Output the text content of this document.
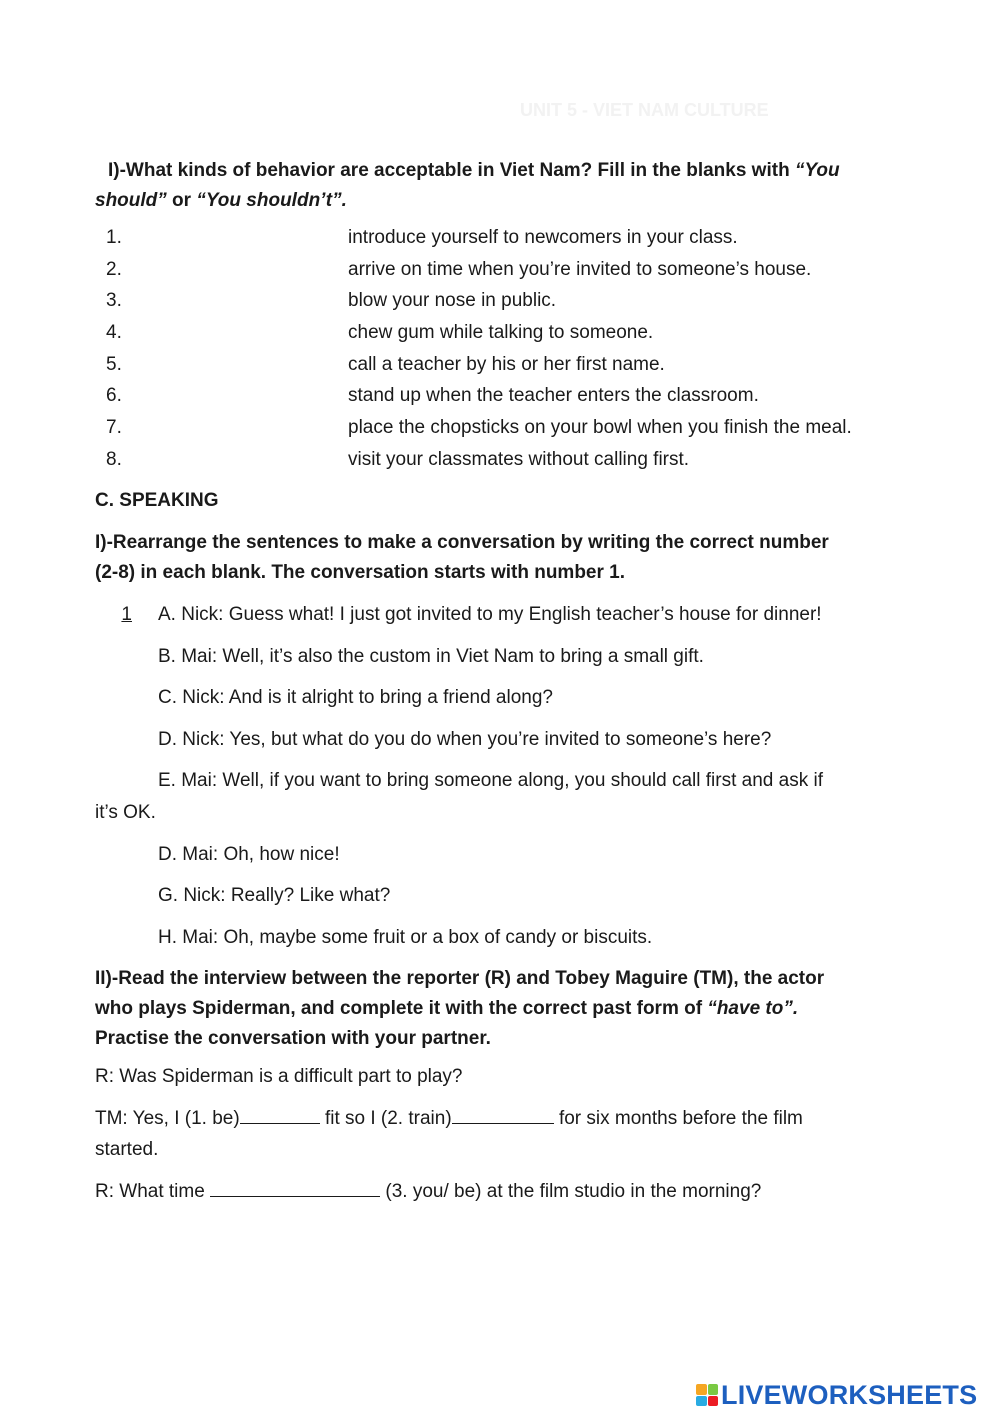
UNIT 5 - VIET NAM CULTURE
I)-What kinds of behavior are acceptable in Viet Nam? Fill in the blanks with “You
should” or “You shouldn’t”.
1.	introduce yourself to newcomers in your class.
2.	arrive on time when you’re invited to someone’s house.
3.	blow your nose in public.
4.	chew gum while talking to someone.
5.	call a teacher by his or her first name.
6.	stand up when the teacher enters the classroom.
7.	place the chopsticks on your bowl when you finish the meal.
8.	visit your classmates without calling first.
C. SPEAKING
I)-Rearrange the sentences to make a conversation by writing the correct number
(2-8) in each blank. The conversation starts with number 1.
1 A. Nick: Guess what! I just got invited to my English teacher’s house for dinner!
B. Mai: Well, it’s also the custom in Viet Nam to bring a small gift.
C. Nick: And is it alright to bring a friend along?
D. Nick: Yes, but what do you do when you’re invited to someone’s here?
E. Mai: Well, if you want to bring someone along, you should call first and ask if
it’s OK.
D. Mai: Oh, how nice!
G. Nick: Really? Like what?
H. Mai: Oh, maybe some fruit or a box of candy or biscuits.
II)-Read the interview between the reporter (R) and Tobey Maguire (TM), the actor
who plays Spiderman, and complete it with the correct past form of “have to”.
Practise the conversation with your partner.
R: Was Spiderman is a difficult part to play?
TM: Yes, I (1. be)	fit so I (2. train)	for six months before the film
started.
R: What time	(3. you/ be) at the film studio in the morning?
LIVEWORKSHEETS
